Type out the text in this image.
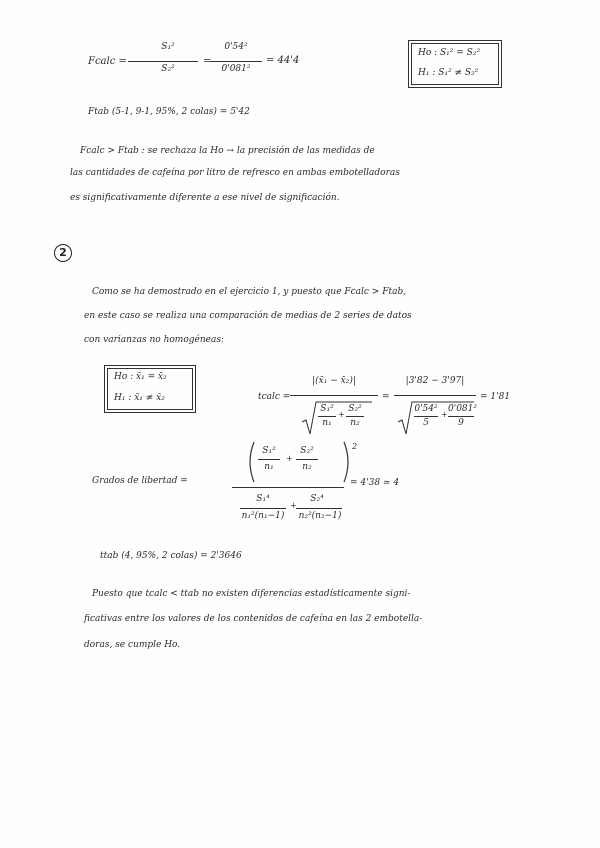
Fcalc =
S₁²
S₂²
=
0'54²
0'081²
= 44'4
Ho : S₁² = S₂²
H₁ : S₁² ≠ S₂²
Ftab (5-1, 9-1, 95%, 2 colas) = 5'42
Fcalc > Ftab : se rechaza la Ho → la precisión de las medidas de
las cantidades de cafeína por litro de refresco en ambas embotelladoras
es significativamente diferente a ese nivel de significación.
2
Como se ha demostrado en el ejercicio 1, y puesto que Fcalc > Ftab,
en este caso se realiza una comparación de medias de 2 series de datos
con varianzas no homogéneas:
Ho : x̄₁ = x̄₂
H₁ : x̄₁ ≠ x̄₂	tcalc =
|(x̄₁ − x̄₂)|
S₁²
n₁
+
S₂²
n₂
=
|3'82 − 3'97|
0'54²
5
+
0'081²
9
= 1'81
Grados de libertad =
S₁²
n₁
+
S₂²
n₂
2
S₁⁴
n₁²(n₁−1)
+
S₂⁴
n₂²(n₂−1)
= 4'38 ≃ 4
ttab (4, 95%, 2 colas) = 2'3646
Puesto que tcalc < ttab no existen diferencias estadísticamente signi-
ficativas entre los valores de los contenidos de cafeína en las 2 embotella-
doras, se cumple Ho.
